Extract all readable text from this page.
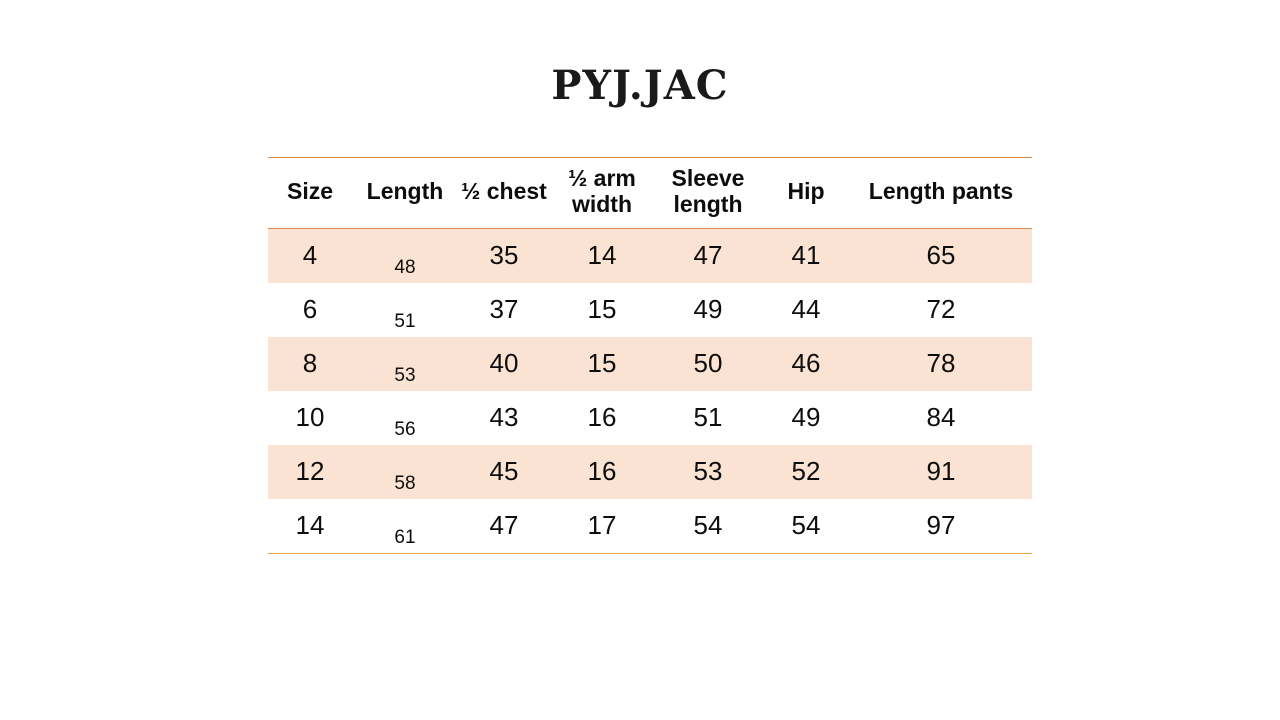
PYJ.JAC
Size	Length	½ chest	½ arm width	Sleeve length	Hip	Length pants
4	48	35	14	47	41	65
6	51	37	15	49	44	72
8	53	40	15	50	46	78
10	56	43	16	51	49	84
12	58	45	16	53	52	91
14	61	47	17	54	54	97
